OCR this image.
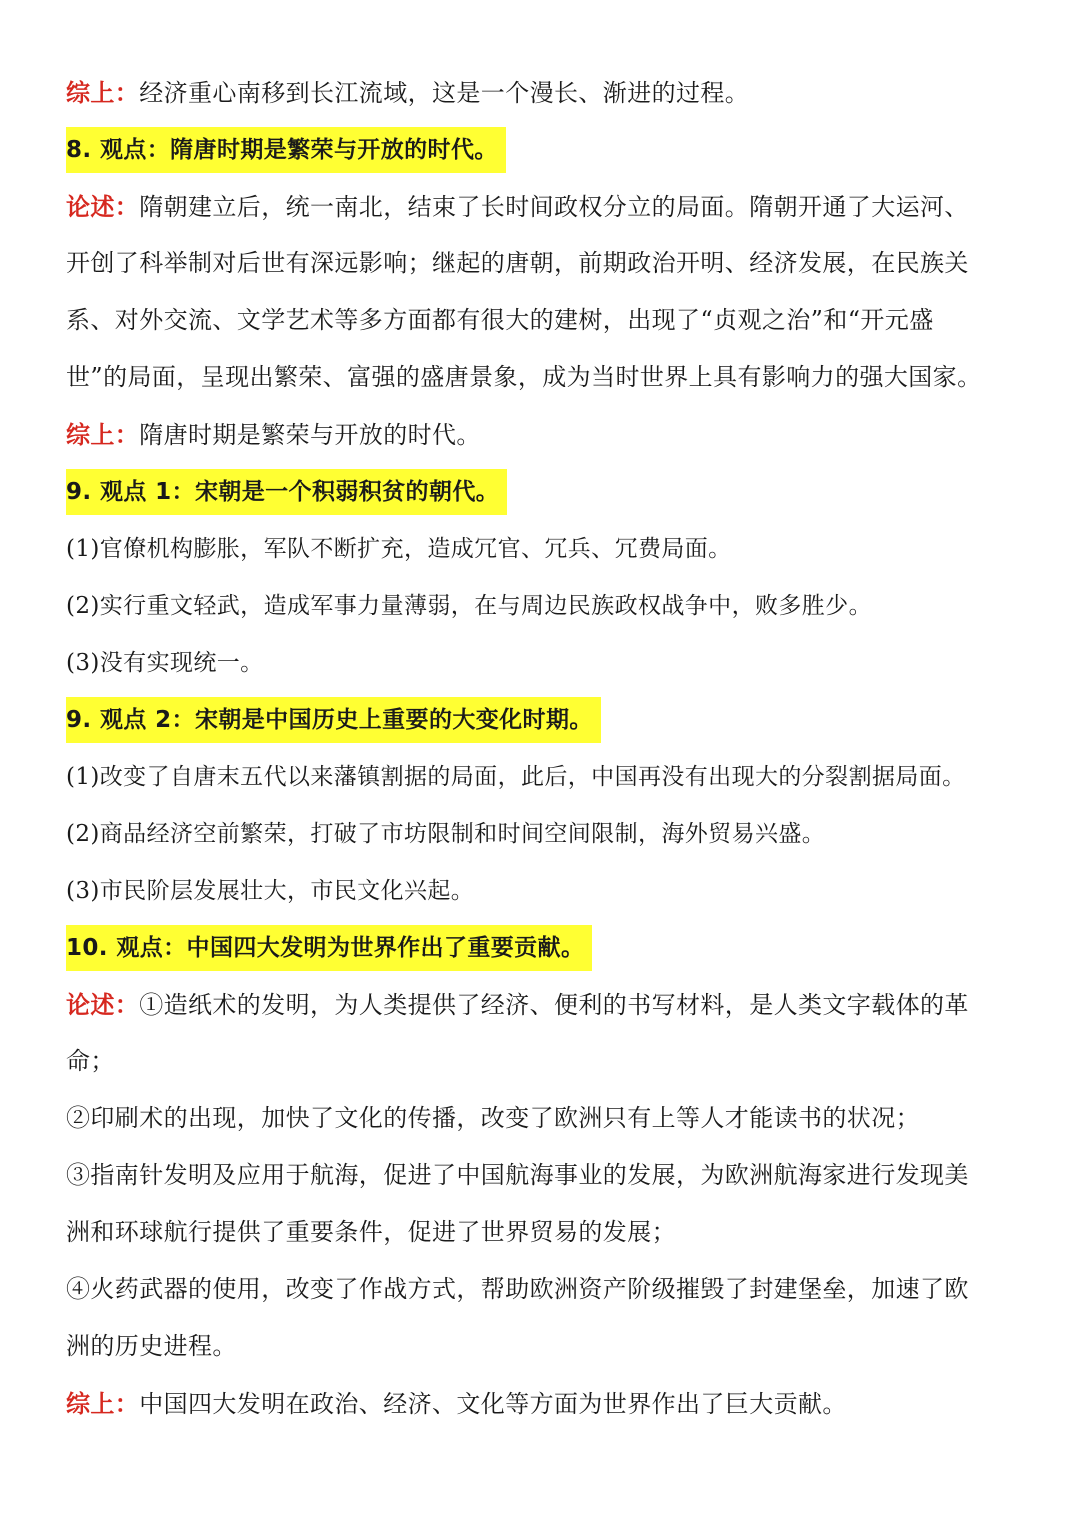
综上：经济重心南移到长江流域，这是一个漫长、渐进的过程。
8. 观点：隋唐时期是繁荣与开放的时代。
论述：隋朝建立后，统一南北，结束了长时间政权分立的局面。隋朝开通了大运河、
开创了科举制对后世有深远影响；继起的唐朝，前期政治开明、经济发展，在民族关
系、对外交流、文学艺术等多方面都有很大的建树，出现了“贞观之治”和“开元盛
世”的局面，呈现出繁荣、富强的盛唐景象，成为当时世界上具有影响力的强大国家。
综上：隋唐时期是繁荣与开放的时代。
9. 观点 1：宋朝是一个积弱积贫的朝代。
(1)官僚机构膨胀，军队不断扩充，造成冗官、冗兵、冗费局面。
(2)实行重文轻武，造成军事力量薄弱，在与周边民族政权战争中，败多胜少。
(3)没有实现统一。
9. 观点 2：宋朝是中国历史上重要的大变化时期。
(1)改变了自唐末五代以来藩镇割据的局面，此后，中国再没有出现大的分裂割据局面。
(2)商品经济空前繁荣，打破了市坊限制和时间空间限制，海外贸易兴盛。
(3)市民阶层发展壮大，市民文化兴起。
10. 观点：中国四大发明为世界作出了重要贡献。
论述：①造纸术的发明，为人类提供了经济、便利的书写材料，是人类文字载体的革
命；
②印刷术的出现，加快了文化的传播，改变了欧洲只有上等人才能读书的状况；
③指南针发明及应用于航海，促进了中国航海事业的发展，为欧洲航海家进行发现美
洲和环球航行提供了重要条件，促进了世界贸易的发展；
④火药武器的使用，改变了作战方式，帮助欧洲资产阶级摧毁了封建堡垒，加速了欧
洲的历史进程。
综上：中国四大发明在政治、经济、文化等方面为世界作出了巨大贡献。
